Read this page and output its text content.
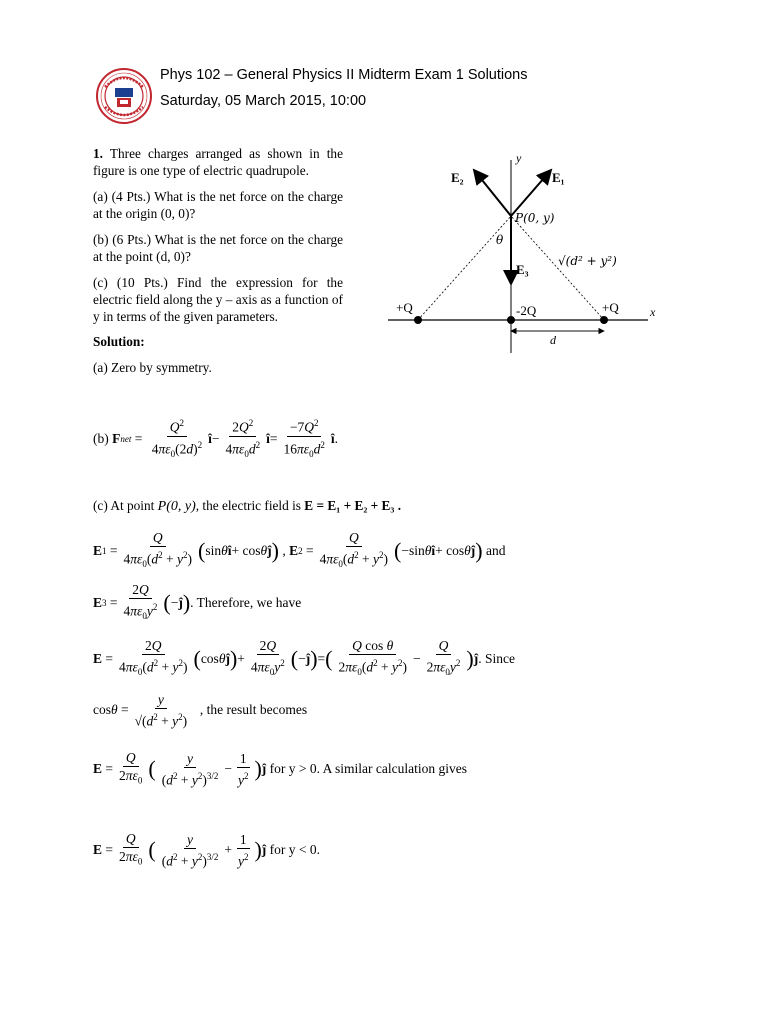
Phys 102 – General Physics II Midterm Exam 1 Solutions
Saturday, 05 March 2015, 10:00
1. Three charges arranged as shown in the figure is one type of electric quadrupole.
(a) (4 Pts.) What is the net force on the charge at the origin (0, 0)?
(b) (6 Pts.) What is the net force on the charge at the point (d, 0)?
(c) (10 Pts.) Find the expression for the electric field along the y – axis as a function of y in terms of the given parameters.
Solution:
(a) Zero by symmetry.
y
x
E₁
E₂
E₃
P(0, y)
θ
√(d² + y²)
+Q	-2Q	+Q
d
(b)
F net = $\frac{Q^2}{4\pi\varepsilon_0(2d)^2}$ î − $\frac{2Q^2}{4\pi\varepsilon_0d^2}$ î = $\frac{-7Q^2}{16\pi\varepsilon_0d^2}$ î .
(c) At point P(0, y), the electric field is E = E₁ + E₂ + E₃ .
E $1 = \frac{Q}{4\pi\varepsilon_0(d^2 + y^2)}$ ( sin θ î + cos θ ĵ ) , E $2 = \frac{Q}{4\pi\varepsilon_0(d^2 + y^2)}$ ( −sin θ î + cos θ ĵ )
and
E $3 = \frac{2Q}{4\pi\varepsilon_0y^2}$ ( − ĵ ) . Therefore, we have
$E = \frac{2Q}{4\pi\varepsilon_0(d^2 + y^2)}$ ( cos θ ĵ ) + $\frac{2Q}{4\pi\varepsilon_0y^2}$ ( − ĵ ) = ( $\frac{\text{Q cos θ}}{2\pi\varepsilon_0(d^2 + y^2)} - \frac{Q}{2\pi\varepsilon_0y^2}$ ) ĵ . Since
$\cos \theta = \frac{y}{√(d^2 + y^2)}$
, the result becomes
$E = \frac{Q}{2\pi\varepsilon_0}$ ( $\frac{y}{(d^2 + y^2)^{3/2}} - \frac{1}{y^2}$ ) ĵ
for y > 0. A similar calculation gives
$E = \frac{Q}{2\pi\varepsilon_0}$ ( $\frac{y}{(d^2 + y^2)^{3/2}} + \frac{1}{y^2}$ ) ĵ
for y < 0.
